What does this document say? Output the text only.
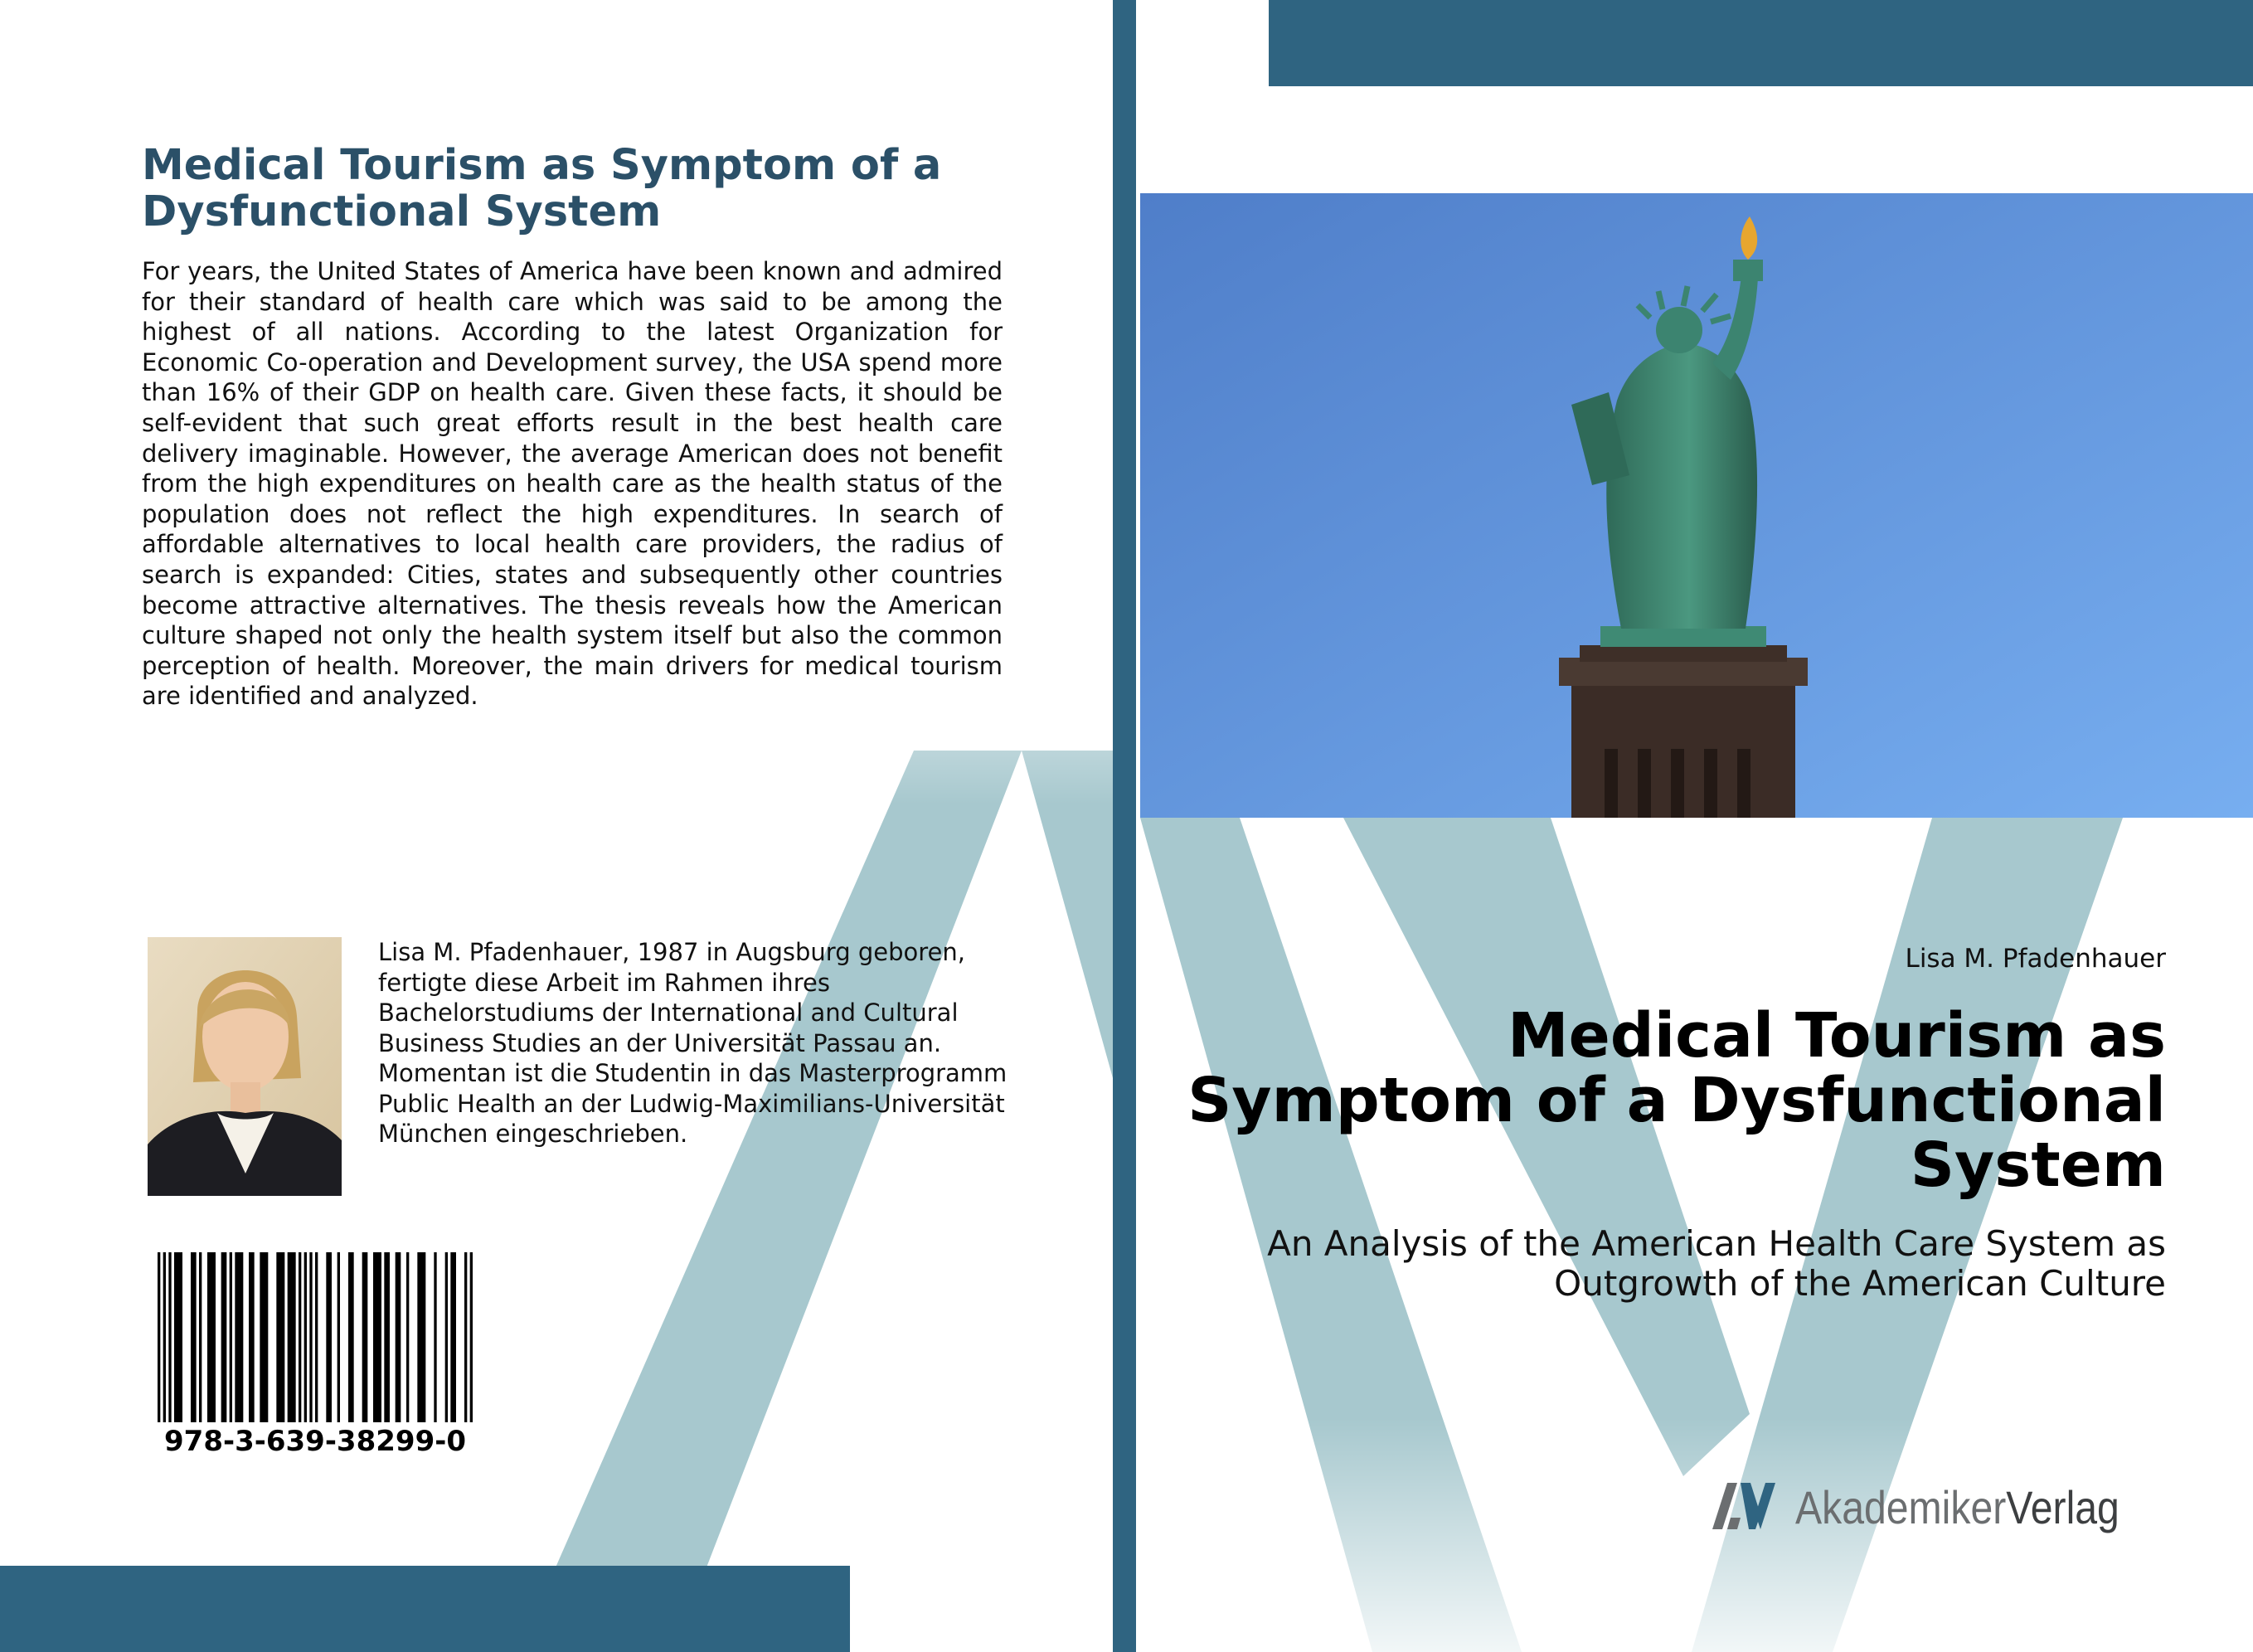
Medical Tourism as Symptom of a Dysfunctional System
For years, the United States of America have been known and admired for their standard of health care which was said to be among the highest of all nations. According to the latest Organization for Economic Co-operation and Development survey, the USA spend more than 16% of their GDP on health care. Given these facts, it should be self-evident that such great efforts result in the best health care delivery imaginable. However, the average American does not benefit from the high expenditures on health care as the health status of the population does not reflect the high expenditures. In search of affordable alternatives to local health care providers, the radius of search is expanded: Cities, states and subsequently other countries become attractive alternatives. The thesis reveals how the American culture shaped not only the health system itself but also the common perception of health. Moreover, the main drivers for medical tourism are identified and analyzed.
Lisa M. Pfadenhauer, 1987 in Augsburg geboren, fertigte diese Arbeit im Rahmen ihres Bachelorstudiums der International and Cultural Business Studies an der Universität Passau an. Momentan ist die Studentin in das Masterprogramm Public Health an der Ludwig-Maximilians-Universität München eingeschrieben.
978-3-639-38299-0
Lisa M. Pfadenhauer
Medical Tourism as Symptom of a Dysfunctional System
An Analysis of the American Health Care System as Outgrowth of the American Culture
AkademikerVerlag
